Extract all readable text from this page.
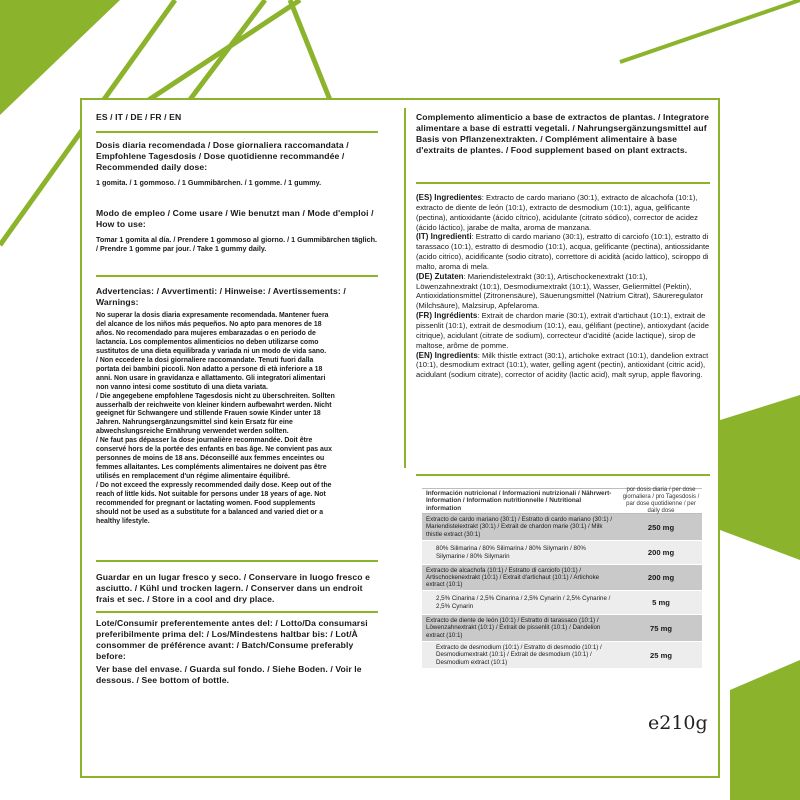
ES / IT / DE / FR / EN
Dosis diaria recomendada / Dose giornaliera raccomandata / Empfohlene Tagesdosis / Dose quotidienne recommandée / Recommended daily dose:
1 gomita. / 1 gommoso. / 1 Gummibärchen. / 1 gomme. / 1 gummy.
Modo de empleo / Come usare / Wie benutzt man / Mode d'emploi / How to use:
Tomar 1 gomita al día. / Prendere 1 gommoso al giorno. / 1 Gummibärchen täglich. / Prendre 1 gomme par jour. / Take 1 gummy daily.
Advertencias: / Avvertimenti: / Hinweise: / Avertissements: / Warnings:
No superar la dosis diaria expresamente recomendada. Mantener fuera
del alcance de los niños más pequeños. No apto para menores de 18
años. No recomendado para mujeres embarazadas o en periodo de
lactancia. Los complementos alimenticios no deben utilizarse como
sustitutos de una dieta equilibrada y variada ni un modo de vida sano.
/ Non eccedere la dosi giornaliere raccomandate. Tenuti fuori dalla
portata dei bambini piccoli. Non adatto a persone di età inferiore a 18
anni. Non usare in gravidanza e allattamento. Gli integratori alimentari
non vanno intesi come sostituto di una dieta variata.
/ Die angegebene empfohlene Tagesdosis nicht zu überschreiten. Sollten
ausserhalb der reichweite von kleiner kindern aufbewahrt werden. Nicht
geeignet für Schwangere und stillende Frauen sowie Kinder unter 18
Jahren. Nahrungsergänzungsmittel sind kein Ersatz für eine
abwechslungsreiche Ernährung verwendet werden sollten.
/ Ne faut pas dépasser la dose journalière recommandée. Doit être
conservé hors de la portée des enfants en bas âge. Ne convient pas aux
personnes de moins de 18 ans. Déconseillé aux femmes enceintes ou
femmes allaitantes. Les compléments alimentaires ne doivent pas être
utilisés en remplacement d'un régime alimentaire équilibré.
/ Do not exceed the expressly recommended daily dose. Keep out of the
reach of little kids. Not suitable for persons under 18 years of age. Not
recommended for pregnant or lactating women. Food supplements
should not be used as a substitute for a balanced and varied diet or a
healthy lifestyle.
Guardar en un lugar fresco y seco. / Conservare in luogo fresco e asciutto. / Kühl und trocken lagern. / Conserver dans un endroit frais et sec. / Store in a cool and dry place.
Lote/Consumir preferentemente antes del: / Lotto/Da consumarsi preferibilmente prima del: / Los/Mindestens haltbar bis: / Lot/À consommer de préférence avant: / Batch/Consume preferably before:
Ver base del envase. / Guarda sul fondo. / Siehe Boden. / Voir le dessous. / See bottom of bottle.
Complemento alimenticio a base de extractos de plantas. / Integratore alimentare a base di estratti vegetali. / Nahrungsergänzungsmittel auf Basis von Pflanzenextrakten. / Complément alimentaire à base d'extraits de plantes. / Food supplement based on plant extracts.
(ES) Ingredientes: Extracto de cardo mariano (30:1), extracto de alcachofa (10:1), extracto de diente de león (10:1), extracto de desmodium (10:1), agua, gelificante (pectina), antioxidante (ácido cítrico), acidulante (citrato sódico), corrector de acidez (ácido láctico), jarabe de malta, aroma de manzana.
(IT) Ingredienti: Estratto di cardo mariano (30:1), estratto di carciofo (10:1), estratto di tarassaco (10:1), estratto di desmodio (10:1), acqua, gelificante (pectina), antiossidante (acido citrico), acidificante (sodio citrato), correttore di acidità (acido lattico), sciroppo di malto, aroma di mela.
(DE) Zutaten: Mariendistelextrakt (30:1), Artischockenextrakt (10:1), Löwenzahnextrakt (10:1), Desmodiumextrakt (10:1), Wasser, Geliermittel (Pektin), Antioxidationsmittel (Zitronensäure), Säuerungsmittel (Natrium Citrat), Säureregulator (Milchsäure), Malzsirup, Apfelaroma.
(FR) Ingrédients: Extrait de chardon marie (30:1), extrait d'artichaut (10:1), extrait de pissenlit (10:1), extrait de desmodium (10:1), eau, gélifiant (pectine), antioxydant (acide citrique), acidulant (citrate de sodium), correcteur d'acidité (acide lactique), sirop de maltose, arôme de pomme.
(EN) Ingredients: Milk thistle extract (30:1), artichoke extract (10:1), dandelion extract (10:1), desmodium extract (10:1), water, gelling agent (pectin), antioxidant (citric acid), acidulant (sodium citrate), corrector of acidity (lactic acid), malt syrup, apple flavoring.
Información nutricional / Informazioni nutrizionali / Nährwert-Information / Information nutritionnelle / Nutritional information
por dosis diaria / per dose giornaliera / pro Tagesdosis / par dose quotidienne / per daily dose
Extracto de cardo mariano (30:1) / Estratto di cardo mariano (30:1) / Mariendistelextrakt (30:1) / Extrait de chardon marie (30:1) / Milk thistle extract (30:1)
250 mg
80% Silimarina / 80% Silimarina / 80% Silymarin / 80% Silymarine / 80% Silymarin	200 mg
Extracto de alcachofa (10:1) / Estratto di carciofo (10:1) / Artischockenextrakt (10:1) / Extrait d'artichaut (10:1) / Artichoke extract (10:1)
200 mg
2,5% Cinarina / 2,5% Cinarina / 2,5% Cynarin / 2,5% Cynarine / 2,5% Cynarin	5 mg
Extracto de diente de león (10:1) / Estratto di tarassaco (10:1) / Löwenzahnextrakt (10:1) / Extrait de pissenlit (10:1) / Dandelion extract (10:1)
75 mg
Extracto de desmodium (10:1) / Estratto di desmodio (10:1) / Desmodiumextrakt (10:1) / Extrait de desmodium (10:1) / Desmodium extract (10:1)
25 mg
e210g
